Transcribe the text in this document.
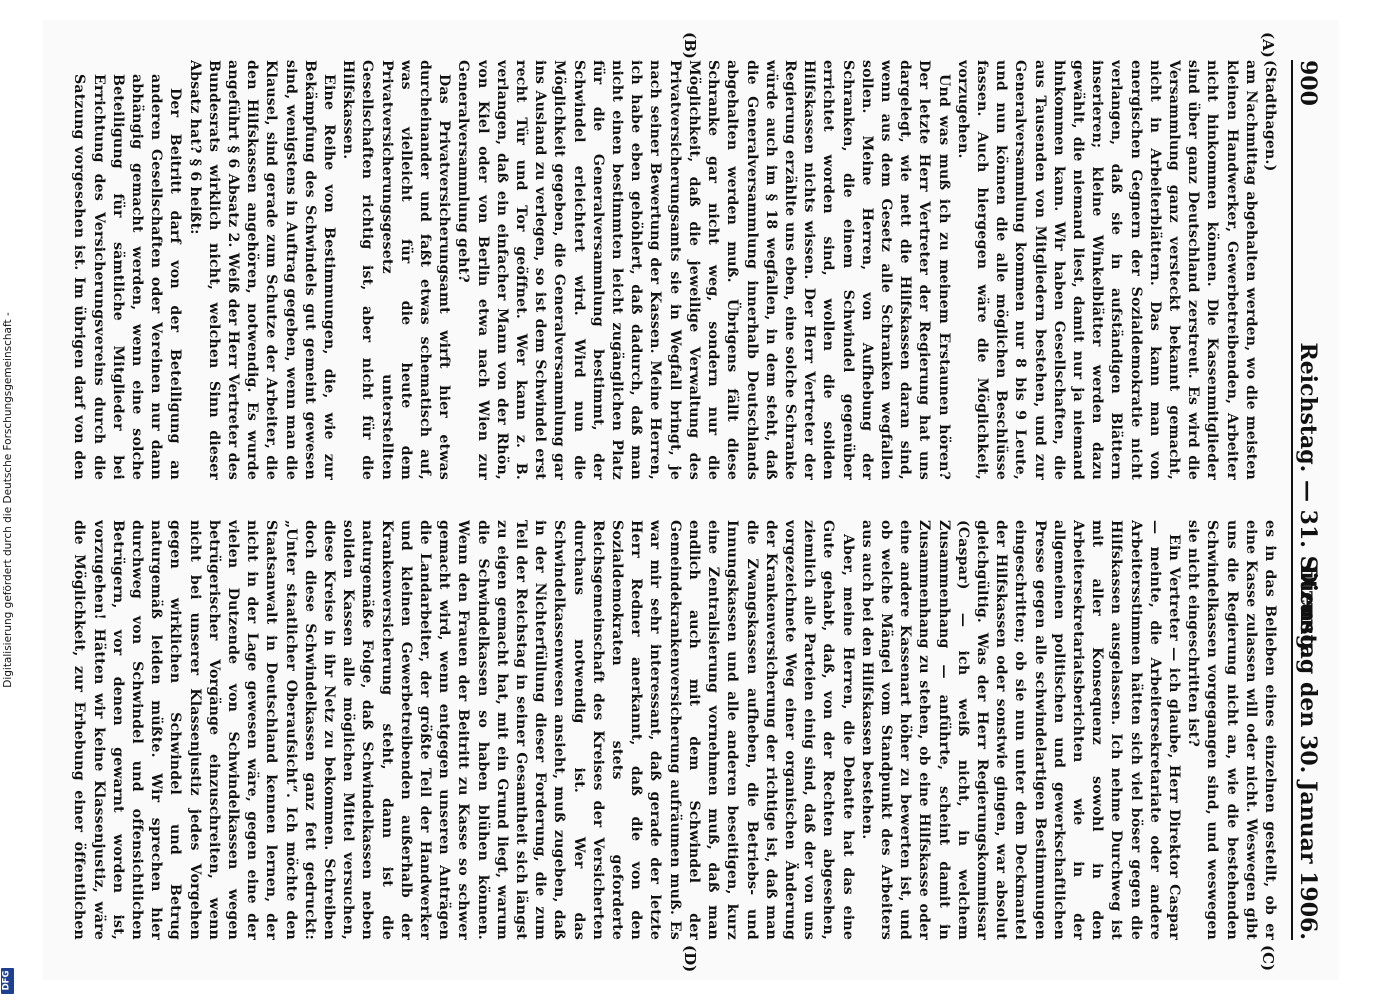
900
Reichstag. — 31. Sitzung.
Dienstag den 30. Januar 1906.
(A)
(B)
(C)
(D)

(Stadthagen.)

am Nachmittag abgehalten werden, wo die meisten kleinen Handwerker, Gewerbetreibenden, Arbeiter nicht hinkommen können. Die Kassenmitglieder sind über ganz Deutschland zerstreut. Es wird die Versammlung ganz versteckt bekannt gemacht, nicht in Arbeiterblättern. Das kann man von energischen Gegnern der Sozialdemokratie nicht verlangen, daß sie in aufständigen Blättern inserieren; kleine Winkelblätter werden dazu gewählt, die niemand liest, damit nur ja niemand hinkommen kann. Wir haben Gesellschaften, die aus Tausenden von Mitgliedern bestehen, und zur Generalversammlung kommen nur 8 bis 9 Leute, und nun können die alle möglichen Beschlüsse fassen. Auch hiergegen wäre die Möglichkeit, vorzugehen.

Und was muß ich zu meinem Erstaunen hören? Der letzte Herr Vertreter der Regierung hat uns dargelegt, wie nett die Hilfskassen daran sind, wenn aus dem Gesetz alle Schranken wegfallen sollen. Meine Herren, von Aufhebung der Schranken, die einem Schwindel gegenüber errichtet worden sind, wollen die soliden Hilfskassen nichts wissen. Der Herr Vertreter der Regierung erzählte uns eben, eine solche Schranke würde auch im § 18 wegfallen, in dem steht, daß die Generalversammlung innerhalb Deutschlands abgehalten werden muß. Übrigens fällt diese Schranke gar nicht weg, sondern nur die Möglichkeit, daß die jeweilige Verwaltung des Privatversicherungsamts sie in Wegfall bringt, je nach seiner Bewertung der Kassen. Meine Herren, ich habe eben gehöhlert, daß dadurch, daß man nicht einen bestimmten leicht zugänglichen Platz für die Generalversammlung bestimmt, der Schwindel erleichtert wird. Wird nun die Möglichkeit gegeben, die Generalversammlung gar ins Ausland zu verlegen, so ist dem Schwindel erst recht Tür und Tor geöffnet. Wer kann z. B. verlangen, daß ein einfacher Mann von der Rhön, von Kiel oder von Berlin etwa nach Wien zur Generalversammlung geht?

Das Privatversicherungsamt wirft hier etwas durcheinander und faßt etwas schematisch auf, was vielleicht für die heute dem Privatversicherungsgesetz unterstellten Gesellschaften richtig ist, aber nicht für die Hilfskassen.

Eine Reihe von Bestimmungen, die, wie zur Bekämpfung des Schwindels gut gemeint gewesen sind, wenigstens in Auftrag gegeben, wenn man die Klausel, sind gerade zum Schutze der Arbeiter, die den Hilfskassen angehören, notwendig. Es wurde angeführt § 6 Absatz 2. Weiß der Herr Vertreter des Bundesrats wirklich nicht, welchen Sinn dieser Absatz hat? § 6 heißt:

Der Beitritt darf von der Beteiligung an anderen Gesellschaften oder Vereinen nur dann abhängig gemacht werden, wenn eine solche Beteiligung für sämtliche Mitglieder bei Errichtung des Versicherungsvereins durch die Satzung vorgesehen ist. Im übrigen darf von den

es in das Belieben eines einzelnen gestellt, ob er eine Kasse zulassen will oder nicht. Weswegen gibt uns die Regierung nicht an, wie die bestehenden Schwindelkassen vorgegangen sind, und weswegen sie nicht eingeschritten ist?

Ein Vertreter — ich glaube, Herr Direktor Caspar — meinte, die Arbeitersekretariate oder andere Arbeitersstimmen hätten sich viel böser gegen die Hilfskassen ausgelassen. Ich nehme Durchweg ist mit aller Konsequenz sowohl in den Arbeitersekretariatsberichten wie in der allgemeinen politischen und gewerkschaftlichen Presse gegen alle schwindelartigen Bestimmungen eingeschritten; ob sie nun unter dem Deckmantel der Hilfskassen oder sonstwie gingen, war absolut gleichgültig. Was der Herr Regierungskommissar (Caspar) — ich weiß nicht, in welchem Zusammenhang — anführte, scheint damit in Zusammenhang zu stehen, ob eine Hilfskasse oder eine andere Kassenart höher zu bewerten ist, und ob welche Mängel vom Standpunkt des Arbeiters aus auch bei den Hilfskassen bestehen.

Aber, meine Herren, die Debatte hat das eine Gute gehabt, daß, von der Rechten abgesehen, ziemlich alle Parteien einig sind, daß der von uns vorgezeichnete Weg einer organischen Änderung der Krankenversicherung der richtige ist, daß man die Zwangskassen aufheben, die Betriebs- und Innungskassen und alle anderen beseitigen, kurz eine Zentralisierung vornehmen muß, daß man endlich auch mit dem Schwindel der Gemeindekrankenversicherung aufräumen muß. Es war mir sehr interessant, daß gerade der letzte Herr Redner anerkannt, daß die von den Sozialdemokraten stets geforderte Reichsgemeinschaft des Kreises der Versicherten durchaus notwendig ist. Wer das Schwindelkassenwesen ansieht, muß zugeben, daß in der Nichterfüllung dieser Forderung, die zum Teil der Reichstag in seiner Gesamtheit sich längst zu eigen gemacht hat, mit ein Grund liegt, warum die Schwindelkassen so haben blühen können. Wenn den Frauen der Beitritt zu Kasse so schwer gemacht wird, wenn entgegen unseren Anträgen die Landarbeiter, der größte Teil der Handwerker und kleinen Gewerbetreibenden außerhalb der Krankenversicherung steht, dann ist die naturgemäße Folge, daß Schwindelkassen neben soliden Kassen alle möglichen Mittel versuchen, diese Kreise in ihr Netz zu bekommen. Schreiben doch diese Schwindelkassen ganz fett gedruckt: „Unter staatlicher Oberaufsicht“. Ich möchte den Staatsanwalt in Deutschland kennen lernen, der nicht in der Lage gewesen wäre, gegen eine der vielen Dutzende von Schwindelkassen wegen betrügerischer Vorgänge einzuschreiten, wenn nicht bei unserer Klassenjustiz jedes Vorgehen gegen wirklichen Schwindel und Betrug naturgemäß leiden müßte. Wir sprechen hier durchweg von Schwindel und offensichtlichen Betrügern, vor denen gewarnt worden ist, vorzugehen! Hätten wir keine Klassenjustiz, wäre die Möglichkeit, zur Erhebung einer öffentlichen

Digitalisierung gefördert durch die Deutsche Forschungsgemeinschaft -
DFG
